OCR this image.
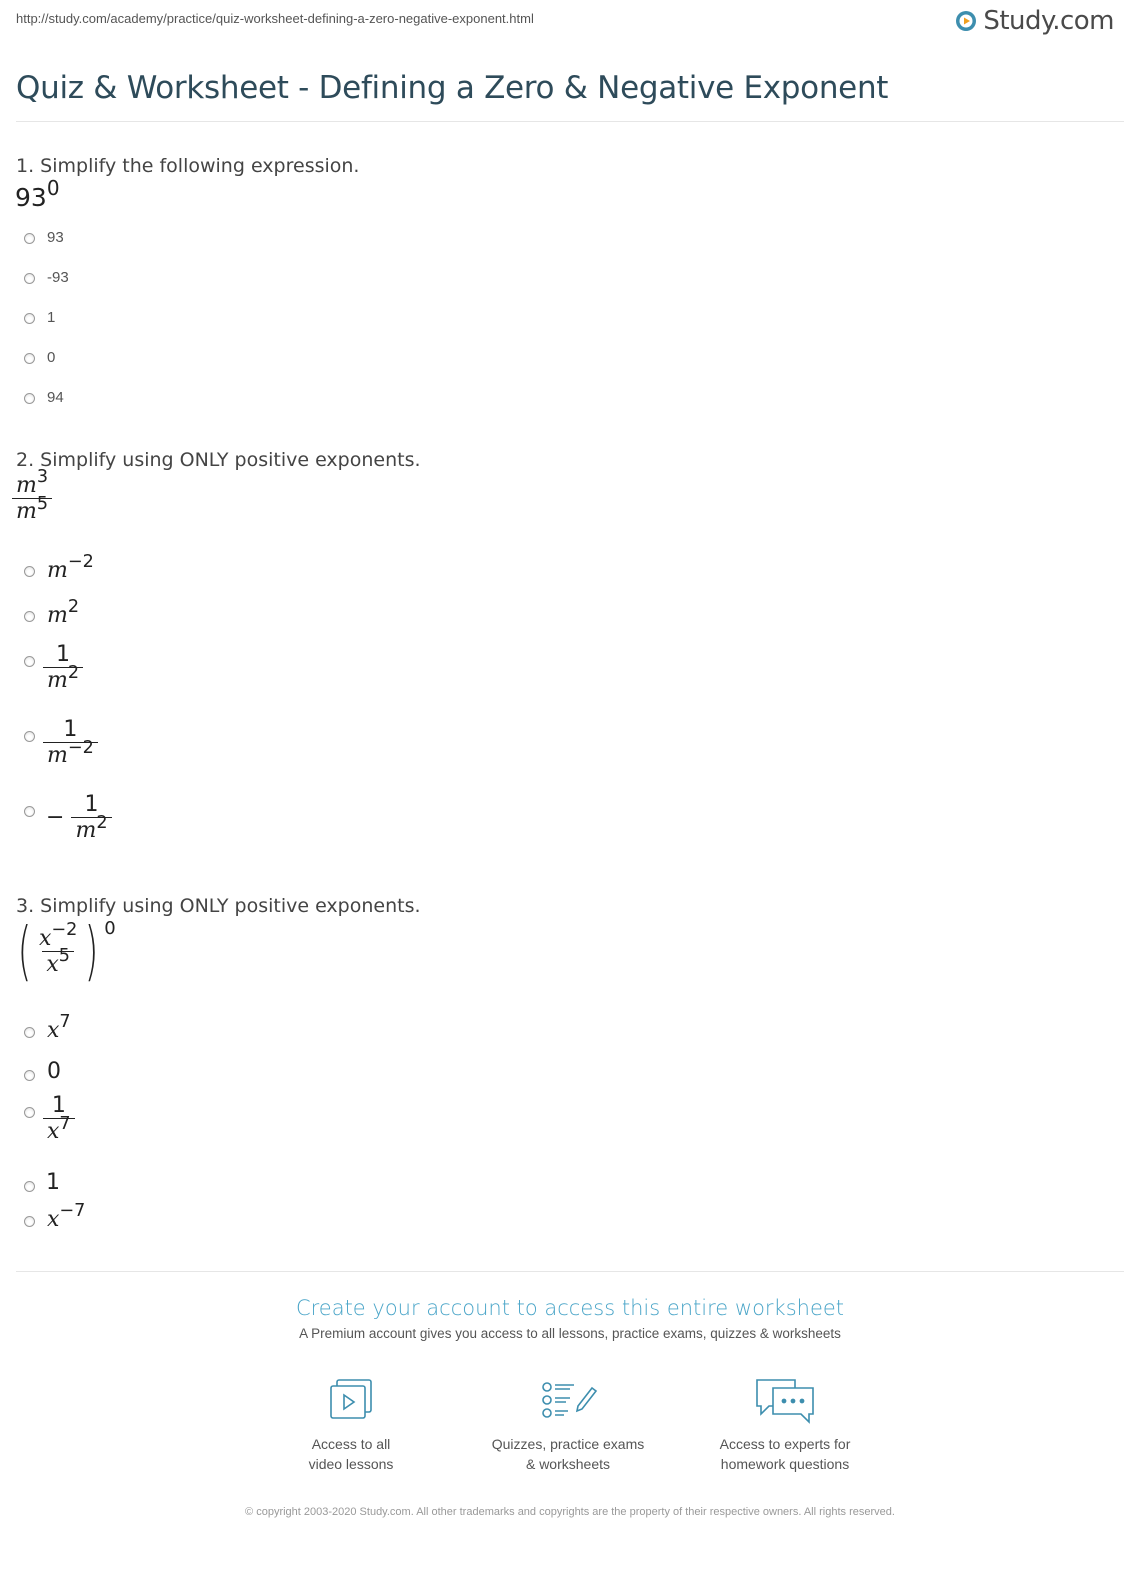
http://study.com/academy/practice/quiz-worksheet-defining-a-zero-negative-exponent.html	Study.com
Quiz & Worksheet - Defining a Zero & Negative Exponent
1. Simplify the following expression.
$93^0$
93
-93
1
0
94
2. Simplify using ONLY positive exponents.
$\frac{m^3}{m^5}$
$m^{-2}$
$m^2$
$\frac{1}{m^2}$
$\frac{1}{m^{-2}}$
− $\frac{1}{m^2}$
3. Simplify using ONLY positive exponents.
( $\frac{x^{-2}}{x^5}$ ) 0
$x^7$
0
$\frac{1}{x^7}$
1
$x^{-7}$
Create your account to access this entire worksheet
A Premium account gives you access to all lessons, practice exams, quizzes & worksheets
Access to all
video lessons
Quizzes, practice exams
& worksheets
Access to experts for
homework questions
© copyright 2003-2020 Study.com. All other trademarks and copyrights are the property of their respective owners. All rights reserved.
